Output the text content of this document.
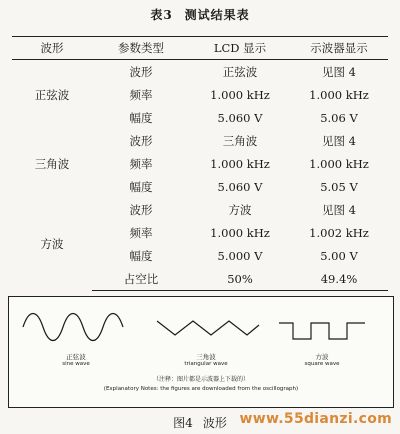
表3 测试结果表
波形	参数类型	LCD 显示	示波器显示
正弦波	波形	正弦波	见图 4
	频率	1.000 kHz	1.000 kHz
	幅度	5.060 V	5.06 V
三角波	波形	三角波	见图 4
	频率	1.000 kHz	1.000 kHz
	幅度	5.060 V	5.05 V
方波	波形	方波	见图 4
	频率	1.000 kHz	1.002 kHz
	幅度	5.000 V	5.00 V
	占空比	50%	49.4%
正弦波
sine wave
三角波
triangular wave
方波
square wave
（注释：图片都是示波器上下载的）
(Explanatory Notes: the figures are downloaded from the oscillograph)
图4 波形 www.55dianzi.com
